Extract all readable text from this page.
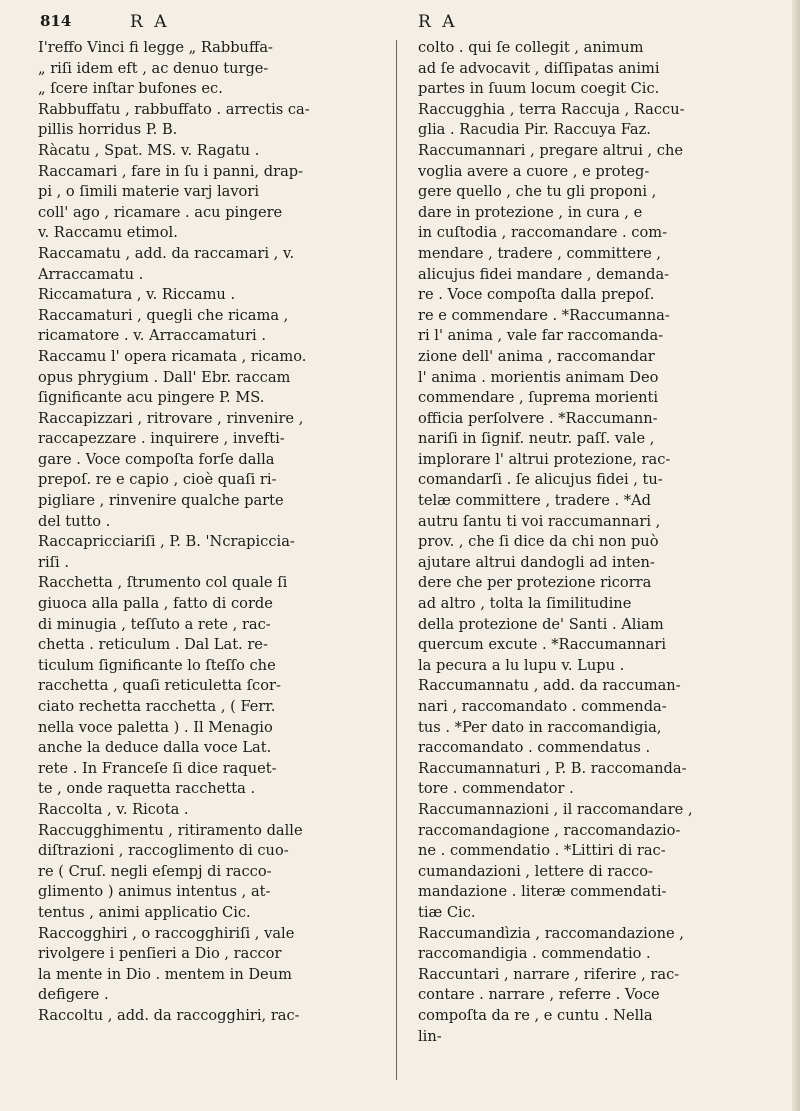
814	R A	R A
I'reffo Vinci fi legge „ Rabbuffa-
„ riſi idem eft , ac denuo turge-
„ ſcere inſtar bufones ec.
Rabbuffatu , rabbuffato . arrectis ca-
pillis horridus P. B.
Ràcatu , Spat. MS. v. Ragatu .
Raccamari , fare in ſu i panni, drap-
pi , o ſimili materie varj lavori
coll' ago , ricamare . acu pingere
v. Raccamu etimol.
Raccamatu , add. da raccamari , v.
Arraccamatu .
Riccamatura , v. Riccamu .
Raccamaturi , quegli che ricama ,
ricamatore . v. Arraccamaturi .
Raccamu l' opera ricamata , ricamo.
opus phrygium . Dall' Ebr. raccam
ſignificante acu pingere P. MS.
Raccapizzari , ritrovare , rinvenire ,
raccapezzare . inquirere , invefti-
gare . Voce compoſta forſe dalla
prepoſ. re e capio , cioè quaſi ri-
pigliare , rinvenire qualche parte
del tutto .
Raccapricciariſi , P. B. 'Ncrapiccia-
riſi .
Racchetta , ſtrumento col quale ſi
giuoca alla palla , fatto di corde
di minugia , teſſuto a rete , rac-
chetta . reticulum . Dal Lat. re-
ticulum ſignificante lo ſteſſo che
racchetta , quaſi reticuletta ſcor-
ciato rechetta racchetta , ( Ferr.
nella voce paletta ) . Il Menagio
anche la deduce dalla voce Lat.
rete . In Franceſe ſi dice raquet-
te , onde raquetta racchetta .
Raccolta , v. Ricota .
Raccugghimentu , ritiramento dalle
diſtrazioni , raccoglimento di cuo-
re ( Cruſ. negli eſempj di racco-
glimento ) animus intentus , at-
tentus , animi applicatio Cic.
Raccogghiri , o raccogghiriſi , vale
rivolgere i penſieri a Dio , raccor
la mente in Dio . mentem in Deum
defigere .
Raccoltu , add. da raccogghiri, rac-
colto . qui ſe collegit , animum
ad ſe advocavit , diſſipatas animi
partes in ſuum locum coegit Cic.
Raccugghia , terra Raccuja , Raccu-
glia . Racudia Pir. Raccuya Faz.
Raccumannari , pregare altrui , che
voglia avere a cuore , e proteg-
gere quello , che tu gli proponi ,
dare in protezione , in cura , e
in cuſtodia , raccomandare . com-
mendare , tradere , committere ,
alicujus fidei mandare , demanda-
re . Voce compoſta dalla prepoſ.
re e commendare . *Raccumanna-
ri l' anima , vale far raccomanda-
zione dell' anima , raccomandar
l' anima . morientis animam Deo
commendare , ſuprema morienti
officia perſolvere . *Raccumann-
nariſi in ſignif. neutr. paſſ. vale ,
implorare l' altrui protezione, rac-
comandarſi . ſe alicujus fidei , tu-
telæ committere , tradere . *Ad
autru ſantu ti voi raccumannari ,
prov. , che ſi dice da chi non può
ajutare altrui dandogli ad inten-
dere che per protezione ricorra
ad altro , tolta la ſimilitudine
della protezione de' Santi . Aliam
quercum excute . *Raccumannari
la pecura a lu lupu v. Lupu .
Raccumannatu , add. da raccuman-
nari , raccomandato . commenda-
tus . *Per dato in raccomandigia,
raccomandato . commendatus .
Raccumannaturi , P. B. raccomanda-
tore . commendator .
Raccumannazioni , il raccomandare ,
raccomandagione , raccomandazio-
ne . commendatio . *Littiri di rac-
cumandazioni , lettere di racco-
mandazione . literæ commendati-
tiæ Cic.
Raccumandìzia , raccomandazione ,
raccomandigia . commendatio .
Raccuntari , narrare , riferire , rac-
contare . narrare , referre . Voce
compoſta da re , e cuntu . Nella
lin-
